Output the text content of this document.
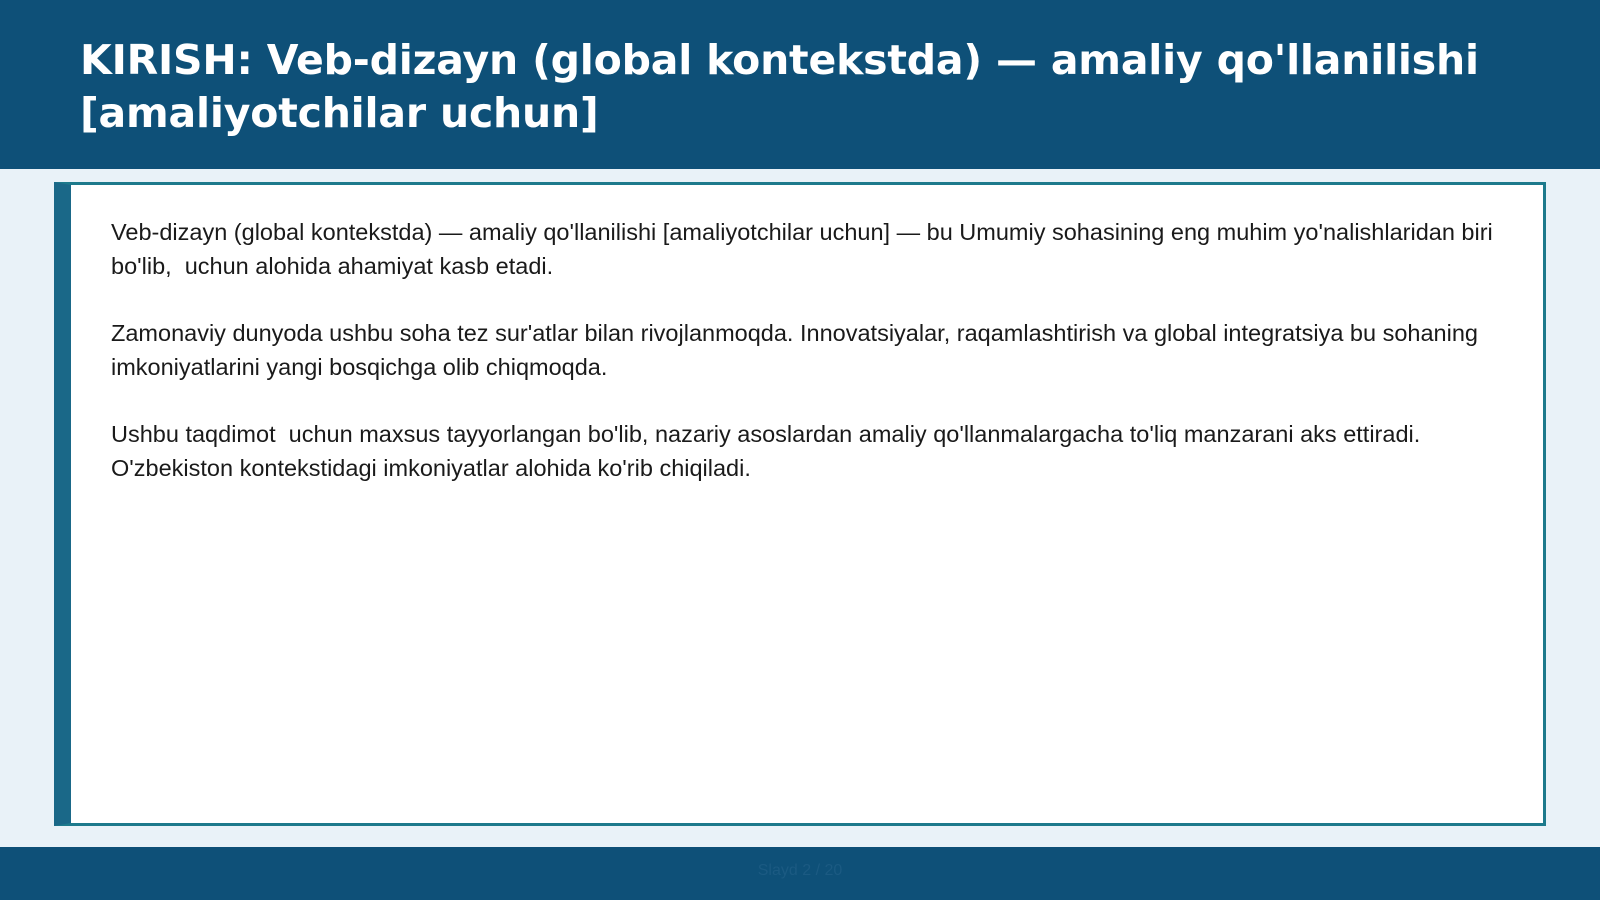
KIRISH: Veb-dizayn (global kontekstda) — amaliy qo'llanilishi [amaliyotchilar uchun]

Veb-dizayn (global kontekstda) — amaliy qo'llanilishi [amaliyotchilar uchun] — bu Umumiy sohasining eng muhim yo'nalishlaridan biri bo'lib,  uchun alohida ahamiyat kasb etadi.

Zamonaviy dunyoda ushbu soha tez sur'atlar bilan rivojlanmoqda. Innovatsiyalar, raqamlashtirish va global integratsiya bu sohaning imkoniyatlarini yangi bosqichga olib chiqmoqda.

Ushbu taqdimot  uchun maxsus tayyorlangan bo'lib, nazariy asoslardan amaliy qo'llanmalargacha to'liq manzarani aks ettiradi. O'zbekiston kontekstidagi imkoniyatlar alohida ko'rib chiqiladi.

Slayd 2 / 20
